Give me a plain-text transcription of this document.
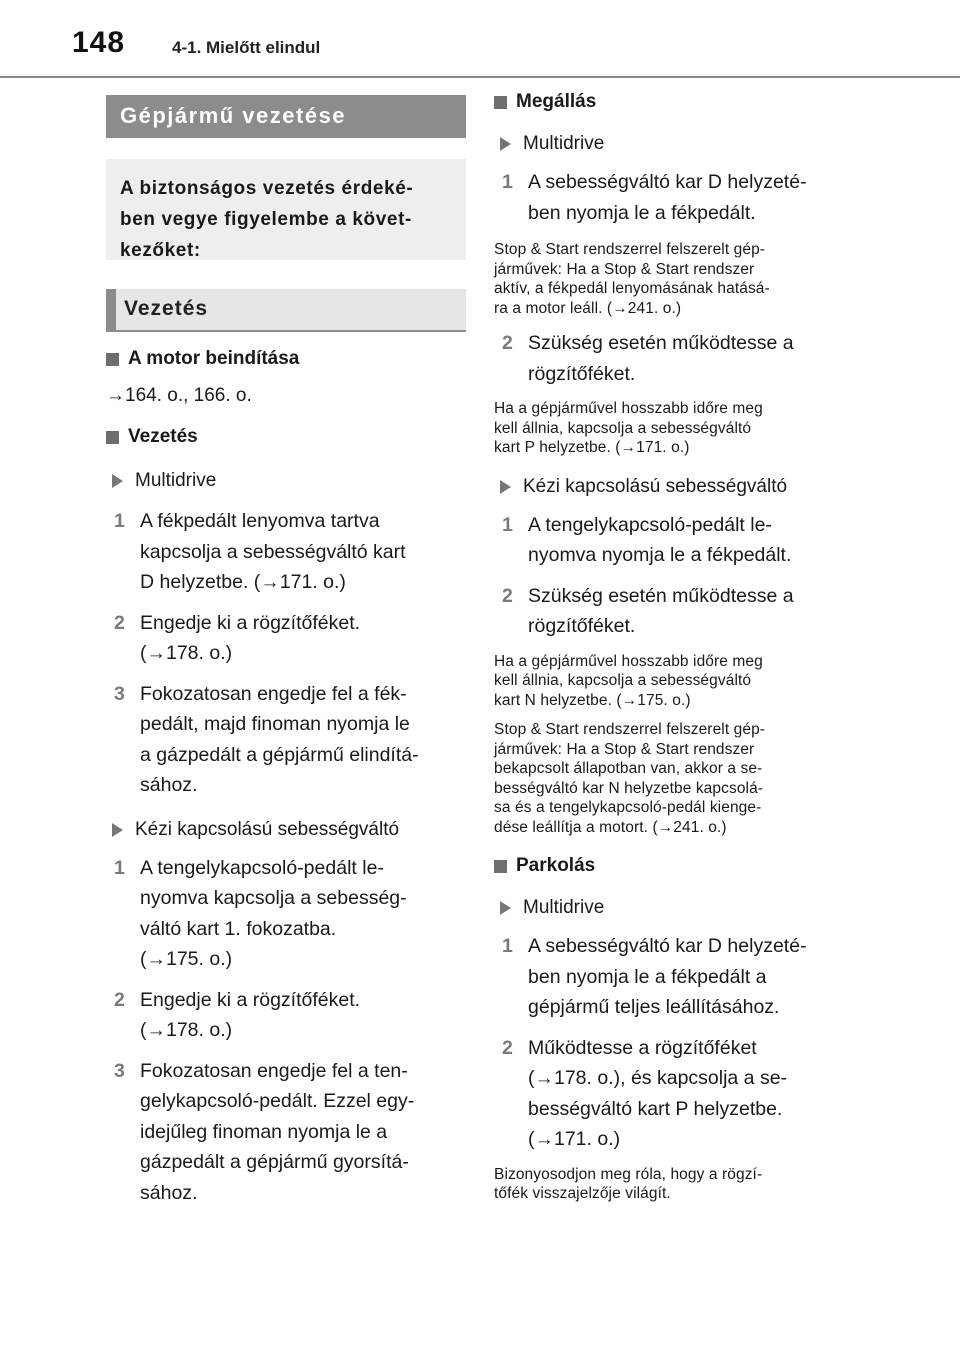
148	4-1. Mielőtt elindul
Gépjármű vezetése
A biztonságos vezetés érdeké-
ben vegye figyelembe a követ-
kezőket:
Vezetés
A motor beindítása
→164. o., 166. o.
Vezetés
Multidrive
1 A fékpedált lenyomva tartva
kapcsolja a sebességváltó kart
D helyzetbe. (→171. o.)
2 Engedje ki a rögzítőféket.
(→178. o.)
3 Fokozatosan engedje fel a fék-
pedált, majd finoman nyomja le
a gázpedált a gépjármű elindítá-
sához.
Kézi kapcsolású sebességváltó
1 A tengelykapcsoló-pedált le-
nyomva kapcsolja a sebesség-
váltó kart 1. fokozatba.
(→175. o.)
2 Engedje ki a rögzítőféket.
(→178. o.)
3 Fokozatosan engedje fel a ten-
gelykapcsoló-pedált. Ezzel egy-
idejűleg finoman nyomja le a
gázpedált a gépjármű gyorsítá-
sához.
Megállás
Multidrive
1 A sebességváltó kar D helyzeté-
ben nyomja le a fékpedált.
Stop & Start rendszerrel felszerelt gép-
járművek: Ha a Stop & Start rendszer
aktív, a fékpedál lenyomásának hatásá-
ra a motor leáll. (→241. o.)
2 Szükség esetén működtesse a
rögzítőféket.
Ha a gépjárművel hosszabb időre meg
kell állnia, kapcsolja a sebességváltó
kart P helyzetbe. (→171. o.)
Kézi kapcsolású sebességváltó
1 A tengelykapcsoló-pedált le-
nyomva nyomja le a fékpedált.
2 Szükség esetén működtesse a
rögzítőféket.
Ha a gépjárművel hosszabb időre meg
kell állnia, kapcsolja a sebességváltó
kart N helyzetbe. (→175. o.)
Stop & Start rendszerrel felszerelt gép-
járművek: Ha a Stop & Start rendszer
bekapcsolt állapotban van, akkor a se-
bességváltó kar N helyzetbe kapcsolá-
sa és a tengelykapcsoló-pedál kienge-
dése leállítja a motort. (→241. o.)
Parkolás
Multidrive
1 A sebességváltó kar D helyzeté-
ben nyomja le a fékpedált a
gépjármű teljes leállításához.
2 Működtesse a rögzítőféket
(→178. o.), és kapcsolja a se-
bességváltó kart P helyzetbe.
(→171. o.)
Bizonyosodjon meg róla, hogy a rögzí-
tőfék visszajelzője világít.
